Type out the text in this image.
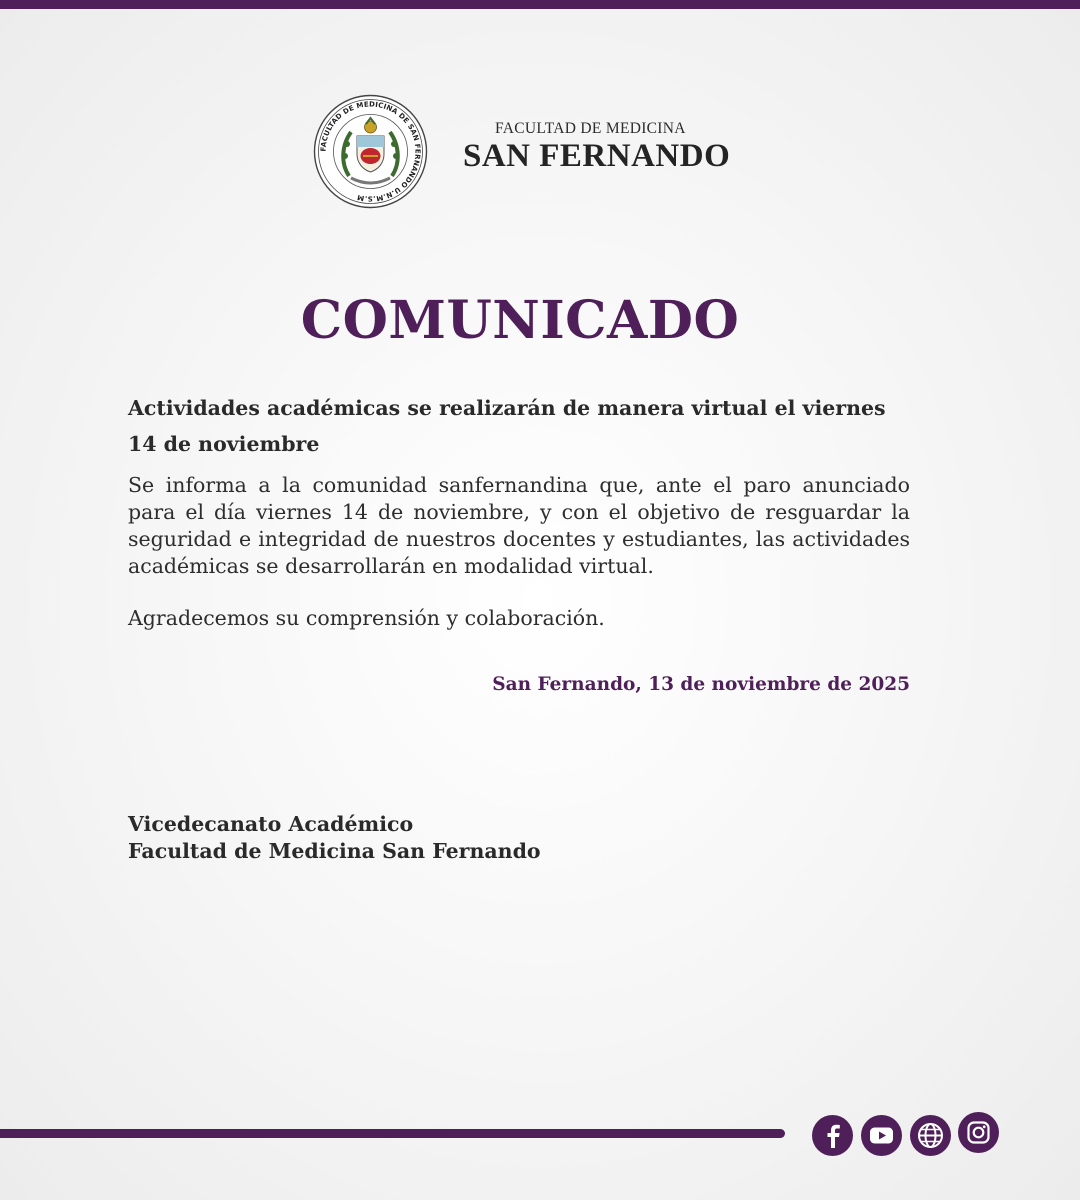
FACULTAD DE MEDICINA DE SAN FERNANDO U.N.M.S.M
FACULTAD DE MEDICINA
SAN FERNANDO
COMUNICADO
Actividades académicas se realizarán de manera virtual el viernes
14 de noviembre
Se informa a la comunidad sanfernandina que, ante el paro anunciado para el día viernes 14 de noviembre, y con el objetivo de resguardar la seguridad e integridad de nuestros docentes y estudiantes, las actividades académicas se desarrollarán en modalidad virtual.
Agradecemos su comprensión y colaboración.
San Fernando, 13 de noviembre de 2025
Vicedecanato Académico
Facultad de Medicina San Fernando
